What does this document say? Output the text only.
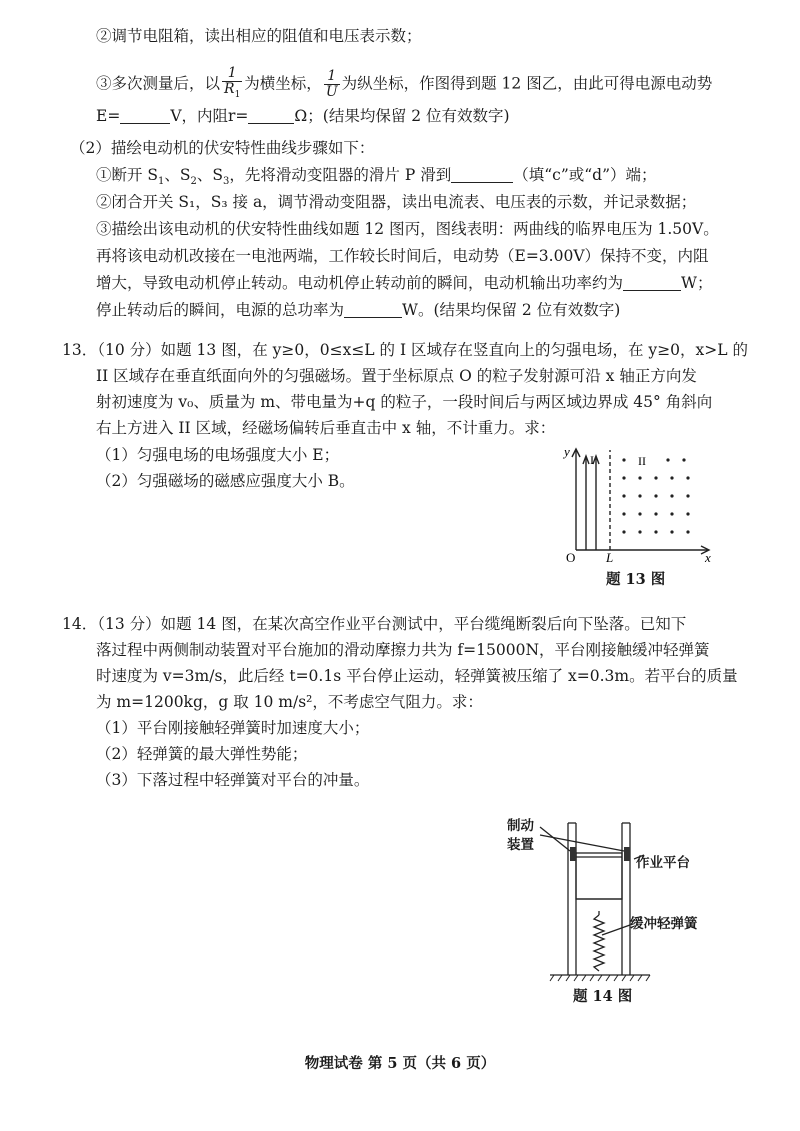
②调节电阻箱，读出相应的阻值和电压表示数；
③多次测量后，以 $\frac{1}{R_1}$ 为横坐标， $\frac{1}{U}$ 为纵坐标，作图得到题 12 图乙，由此可得电源电动势
E=	V，内阻r=	Ω；(结果均保留 2 位有效数字)
（2）描绘电动机的伏安特性曲线步骤如下：
①断开 $S_1$、$S_2$、$S_3$，先将滑动变阻器的滑片 P 滑到	（填“c”或“d”）端；
②闭合开关 S₁，S₃ 接 a，调节滑动变阻器，读出电流表、电压表的示数，并记录数据；
③描绘出该电动机的伏安特性曲线如题 12 图丙，图线表明：两曲线的临界电压为 1.50V。
再将该电动机改接在一电池两端，工作较长时间后，电动势（E=3.00V）保持不变，内阻
增大，导致电动机停止转动。电动机停止转动前的瞬间，电动机输出功率约为	W；
停止转动后的瞬间，电源的总功率为	W。(结果均保留 2 位有效数字)
13．（10 分）如题 13 图，在 y≥0，0≤x≤L 的 I 区域存在竖直向上的匀强电场，在 y≥0，x>L 的
II 区域存在垂直纸面向外的匀强磁场。置于坐标原点 O 的粒子发射源可沿 x 轴正方向发
射初速度为 v₀、质量为 m、带电量为+q 的粒子，一段时间后与两区域边界成 45° 角斜向
右上方进入 II 区域，经磁场偏转后垂直击中 x 轴，不计重力。求：
（1）匀强电场的电场强度大小 E；
（2）匀强磁场的磁感应强度大小 B。
y
I	II
O L	x
题 13 图
14．（13 分）如题 14 图，在某次高空作业平台测试中，平台缆绳断裂后向下坠落。已知下
落过程中两侧制动装置对平台施加的滑动摩擦力共为 f=15000N，平台刚接触缓冲轻弹簧
时速度为 v=3m/s，此后经 t=0.1s 平台停止运动，轻弹簧被压缩了 x=0.3m。若平台的质量
为 m=1200kg，g 取 10 m/s²，不考虑空气阻力。求：
（1）平台刚接触轻弹簧时加速度大小；
（2）轻弹簧的最大弹性势能；
（3）下落过程中轻弹簧对平台的冲量。
制动
装置
作业平台
缓冲轻弹簧
题 14 图
物理试卷 第 5 页（共 6 页）
